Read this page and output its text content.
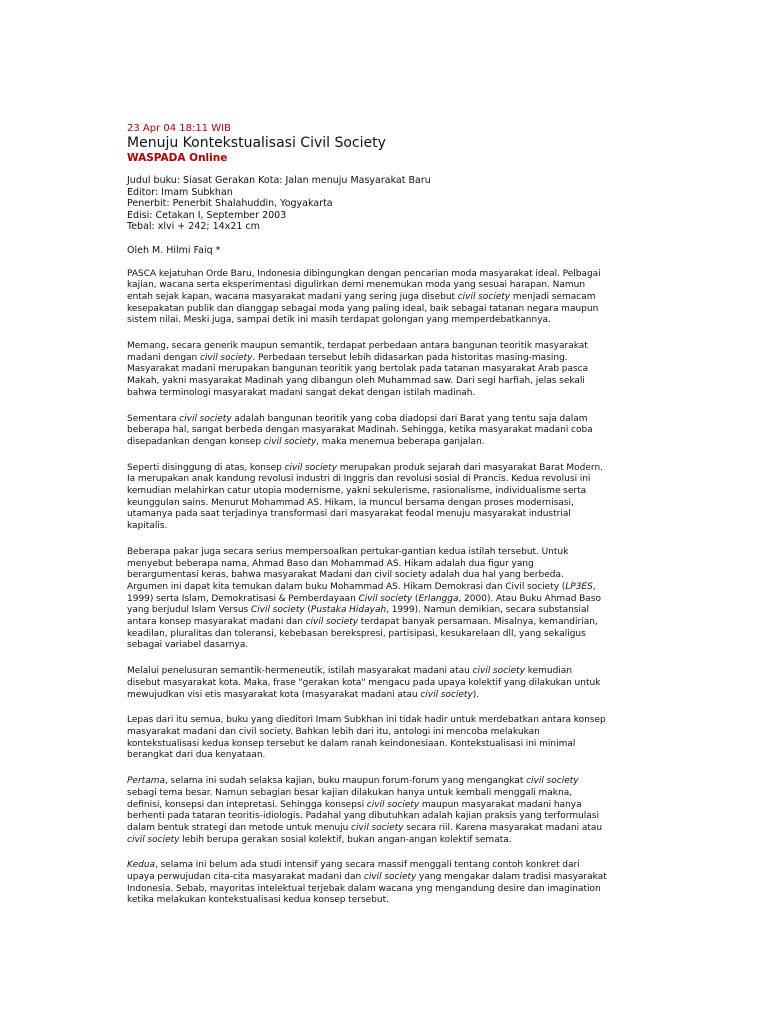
23 Apr 04 18:11 WIB
Menuju Kontekstualisasi Civil Society
WASPADA Online
Judul buku: Siasat Gerakan Kota: Jalan menuju Masyarakat Baru
Editor: Imam Subkhan
Penerbit: Penerbit Shalahuddin, Yogyakarta
Edisi: Cetakan I, September 2003
Tebal: xlvi + 242; 14x21 cm
Oleh M. Hilmi Faiq *

PASCA kejatuhan Orde Baru, Indonesia dibingungkan dengan pencarian moda masyarakat ideal. Pelbagai kajian, wacana serta eksperimentasi digulirkan demi menemukan moda yang sesuai harapan. Namun entah sejak kapan, wacana masyarakat madani yang sering juga disebut civil society menjadi semacam kesepakatan publik dan dianggap sebagai moda yang paling ideal, baik sebagai tatanan negara maupun sistem nilai. Meski juga, sampai detik ini masih terdapat golongan yang memperdebatkannya.

Memang, secara generik maupun semantik, terdapat perbedaan antara bangunan teoritik masyarakat madani dengan civil society. Perbedaan tersebut lebih didasarkan pada historitas masing-masing. Masyarakat madani merupakan bangunan teoritik yang bertolak pada tatanan masyarakat Arab pasca Makah, yakni masyarakat Madinah yang dibangun oleh Muhammad saw. Dari segi harfiah, jelas sekali bahwa terminologi masyarakat madani sangat dekat dengan istilah madinah.

Sementara civil society adalah bangunan teoritik yang coba diadopsi dari Barat yang tentu saja dalam beberapa hal, sangat berbeda dengan masyarakat Madinah. Sehingga, ketika masyarakat madani coba disepadankan dengan konsep civil society, maka menemua beberapa ganjalan.

Seperti disinggung di atas, konsep civil society merupakan produk sejarah dari masyarakat Barat Modern. Ia merupakan anak kandung revolusi industri di Inggris dan revolusi sosial di Prancis. Kedua revolusi ini kemudian melahirkan catur utopia modernisme, yakni sekulerisme, rasionalisme, individualisme serta keunggulan sains. Menurut Mohammad AS. Hikam, ia muncul bersama dengan proses modernisasi, utamanya pada saat terjadinya transformasi dari masyarakat feodal menuju masyarakat industrial kapitalis.

Beberapa pakar juga secara serius mempersoalkan pertukar-gantian kedua istilah tersebut. Untuk menyebut beberapa nama, Ahmad Baso dan Mohammad AS. Hikam adalah dua figur yang berargumentasi keras, bahwa masyarakat Madani dan civil society adalah dua hal yang berbeda. Argumen ini dapat kita temukan dalam buku Mohammad AS. Hikam Demokrasi dan Civil society (LP3ES, 1999) serta Islam, Demokratisasi & Pemberdayaan Civil society (Erlangga, 2000). Atau Buku Ahmad Baso yang berjudul Islam Versus Civil society (Pustaka Hidayah, 1999). Namun demikian, secara substansial antara konsep masyarakat madani dan civil society terdapat banyak persamaan. Misalnya, kemandirian, keadilan, pluralitas dan toleransi, kebebasan berekspresi, partisipasi, kesukarelaan dll, yang sekaligus sebagai variabel dasarnya.

Melalui penelusuran semantik-hermeneutik, istilah masyarakat madani atau civil society kemudian disebut masyarakat kota. Maka, frase "gerakan kota" mengacu pada upaya kolektif yang dilakukan untuk mewujudkan visi etis masyarakat kota (masyarakat madani atau civil society).

Lepas dari itu semua, buku yang dieditori Imam Subkhan ini tidak hadir untuk merdebatkan antara konsep masyarakat madani dan civil society. Bahkan lebih dari itu, antologi ini mencoba melakukan kontekstualisasi kedua konsep tersebut ke dalam ranah keindonesiaan. Kontekstualisasi ini minimal berangkat dari dua kenyataan.

Pertama, selama ini sudah selaksa kajian, buku maupun forum-forum yang mengangkat civil society sebagi tema besar. Namun sebagian besar kajian dilakukan hanya untuk kembali menggali makna, definisi, konsepsi dan intepretasi. Sehingga konsepsi civil society maupun masyarakat madani hanya berhenti pada tataran teoritis-idiologis. Padahal yang dibutuhkan adalah kajian praksis yang terformulasi dalam bentuk strategi dan metode untuk menuju civil society secara riil. Karena masyarakat madani atau civil society lebih berupa gerakan sosial kolektif, bukan angan-angan kolektif semata.

Kedua, selama ini belum ada studi intensif yang secara massif menggali tentang contoh konkret dari upaya perwujudan cita-cita masyarakat madani dan civil society yang mengakar dalam tradisi masyarakat Indonesia. Sebab, mayoritas intelektual terjebak dalam wacana yng mengandung desire dan imagination ketika melakukan kontekstualisasi kedua konsep tersebut.
